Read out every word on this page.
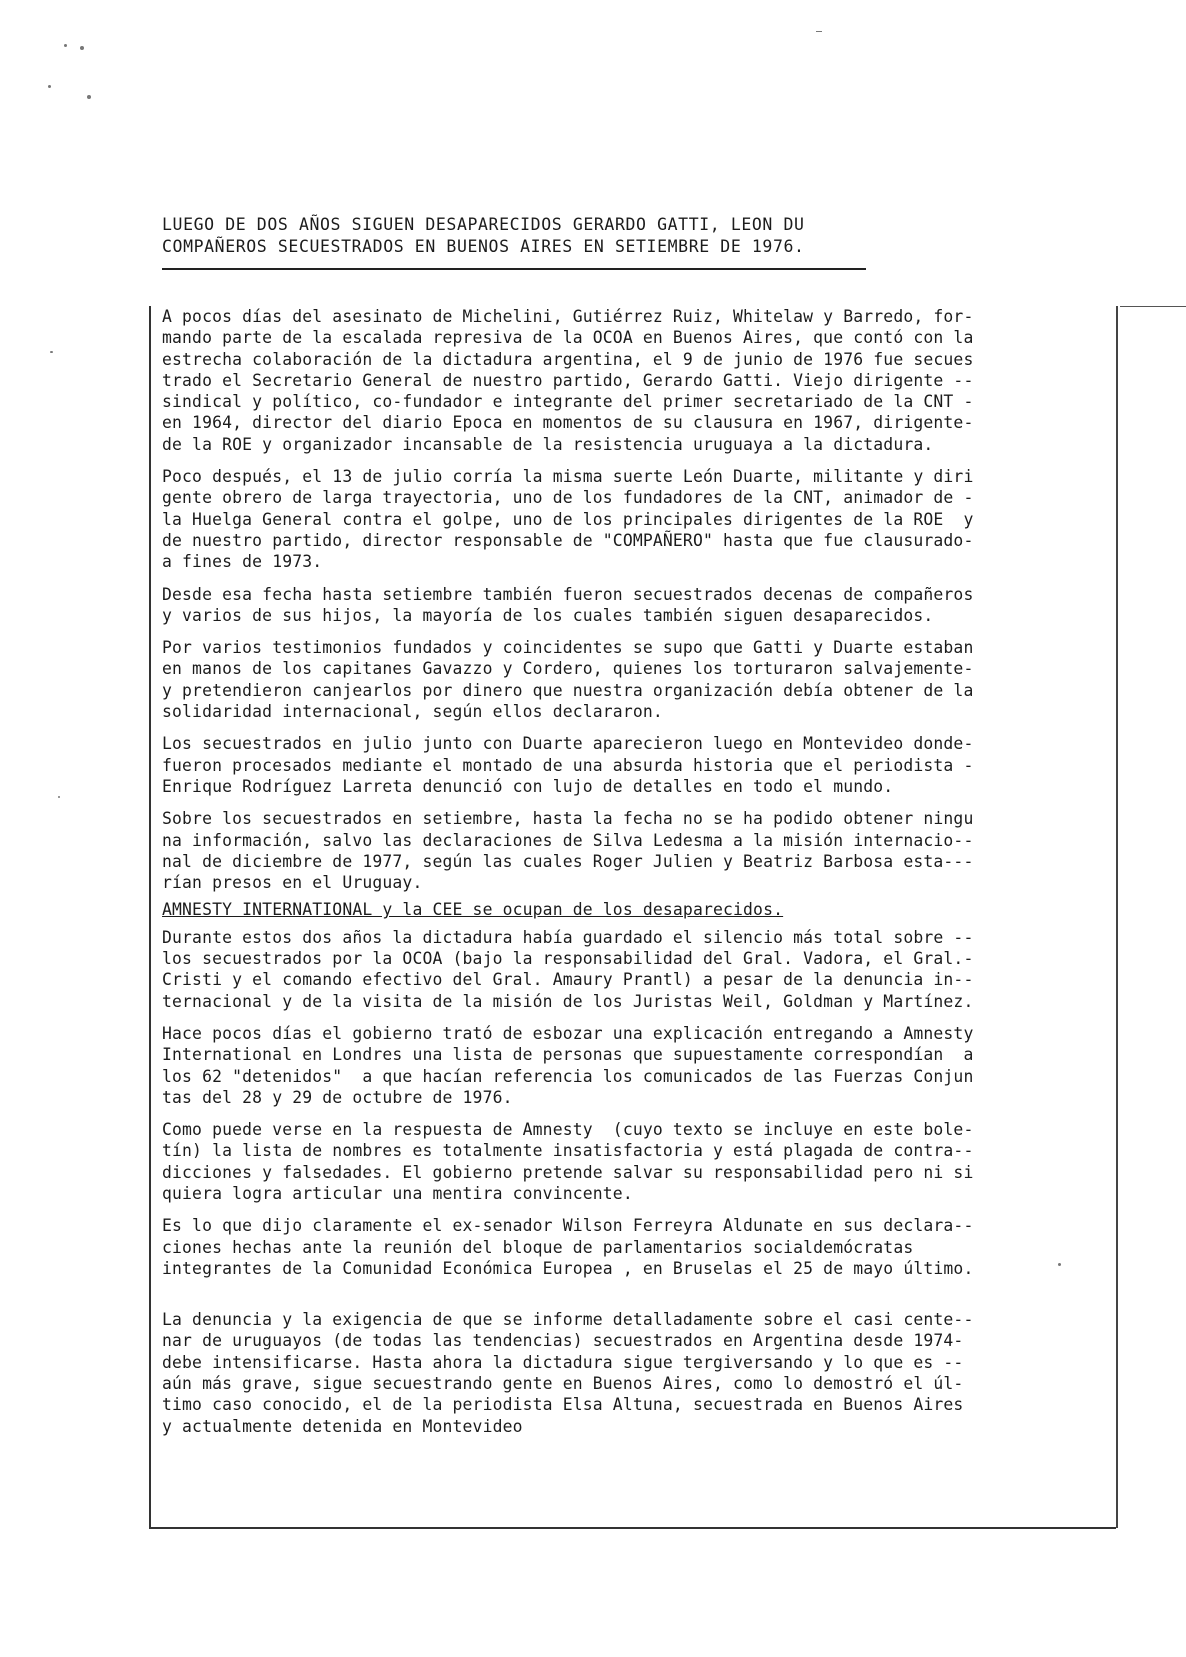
LUEGO DE DOS AÑOS SIGUEN DESAPARECIDOS GERARDO GATTI, LEON DU
COMPAÑEROS SECUESTRADOS EN BUENOS AIRES EN SETIEMBRE DE 1976.
A pocos días del asesinato de Michelini, Gutiérrez Ruiz, Whitelaw y Barredo, for-
mando parte de la escalada represiva de la OCOA en Buenos Aires, que contó con la
estrecha colaboración de la dictadura argentina, el 9 de junio de 1976 fue secues
trado el Secretario General de nuestro partido, Gerardo Gatti. Viejo dirigente --
sindical y político, co-fundador e integrante del primer secretariado de la CNT -
en 1964, director del diario Epoca en momentos de su clausura en 1967, dirigente-
de la ROE y organizador incansable de la resistencia uruguaya a la dictadura.
Poco después, el 13 de julio corría la misma suerte León Duarte, militante y diri
gente obrero de larga trayectoria, uno de los fundadores de la CNT, animador de -
la Huelga General contra el golpe, uno de los principales dirigentes de la ROE  y
de nuestro partido, director responsable de "COMPAÑERO" hasta que fue clausurado-
a fines de 1973.
Desde esa fecha hasta setiembre también fueron secuestrados decenas de compañeros
y varios de sus hijos, la mayoría de los cuales también siguen desaparecidos.
Por varios testimonios fundados y coincidentes se supo que Gatti y Duarte estaban
en manos de los capitanes Gavazzo y Cordero, quienes los torturaron salvajemente-
y pretendieron canjearlos por dinero que nuestra organización debía obtener de la
solidaridad internacional, según ellos declararon.
Los secuestrados en julio junto con Duarte aparecieron luego en Montevideo donde-
fueron procesados mediante el montado de una absurda historia que el periodista -
Enrique Rodríguez Larreta denunció con lujo de detalles en todo el mundo.
Sobre los secuestrados en setiembre, hasta la fecha no se ha podido obtener ningu
na información, salvo las declaraciones de Silva Ledesma a la misión internacio--
nal de diciembre de 1977, según las cuales Roger Julien y Beatriz Barbosa esta---
rían presos en el Uruguay.
AMNESTY INTERNATIONAL y la CEE se ocupan de los desaparecidos.
Durante estos dos años la dictadura había guardado el silencio más total sobre --
los secuestrados por la OCOA (bajo la responsabilidad del Gral. Vadora, el Gral.-
Cristi y el comando efectivo del Gral. Amaury Prantl) a pesar de la denuncia in--
ternacional y de la visita de la misión de los Juristas Weil, Goldman y Martínez.
Hace pocos días el gobierno trató de esbozar una explicación entregando a Amnesty
International en Londres una lista de personas que supuestamente correspondían  a
los 62 "detenidos"  a que hacían referencia los comunicados de las Fuerzas Conjun
tas del 28 y 29 de octubre de 1976.
Como puede verse en la respuesta de Amnesty  (cuyo texto se incluye en este bole-
tín) la lista de nombres es totalmente insatisfactoria y está plagada de contra--
dicciones y falsedades. El gobierno pretende salvar su responsabilidad pero ni si
quiera logra articular una mentira convincente.
Es lo que dijo claramente el ex-senador Wilson Ferreyra Aldunate en sus declara--
ciones hechas ante la reunión del bloque de parlamentarios socialdemócratas
integrantes de la Comunidad Económica Europea , en Bruselas el 25 de mayo último.
La denuncia y la exigencia de que se informe detalladamente sobre el casi cente--
nar de uruguayos (de todas las tendencias) secuestrados en Argentina desde 1974-
debe intensificarse. Hasta ahora la dictadura sigue tergiversando y lo que es --
aún más grave, sigue secuestrando gente en Buenos Aires, como lo demostró el úl-
timo caso conocido, el de la periodista Elsa Altuna, secuestrada en Buenos Aires
y actualmente detenida en Montevideo
